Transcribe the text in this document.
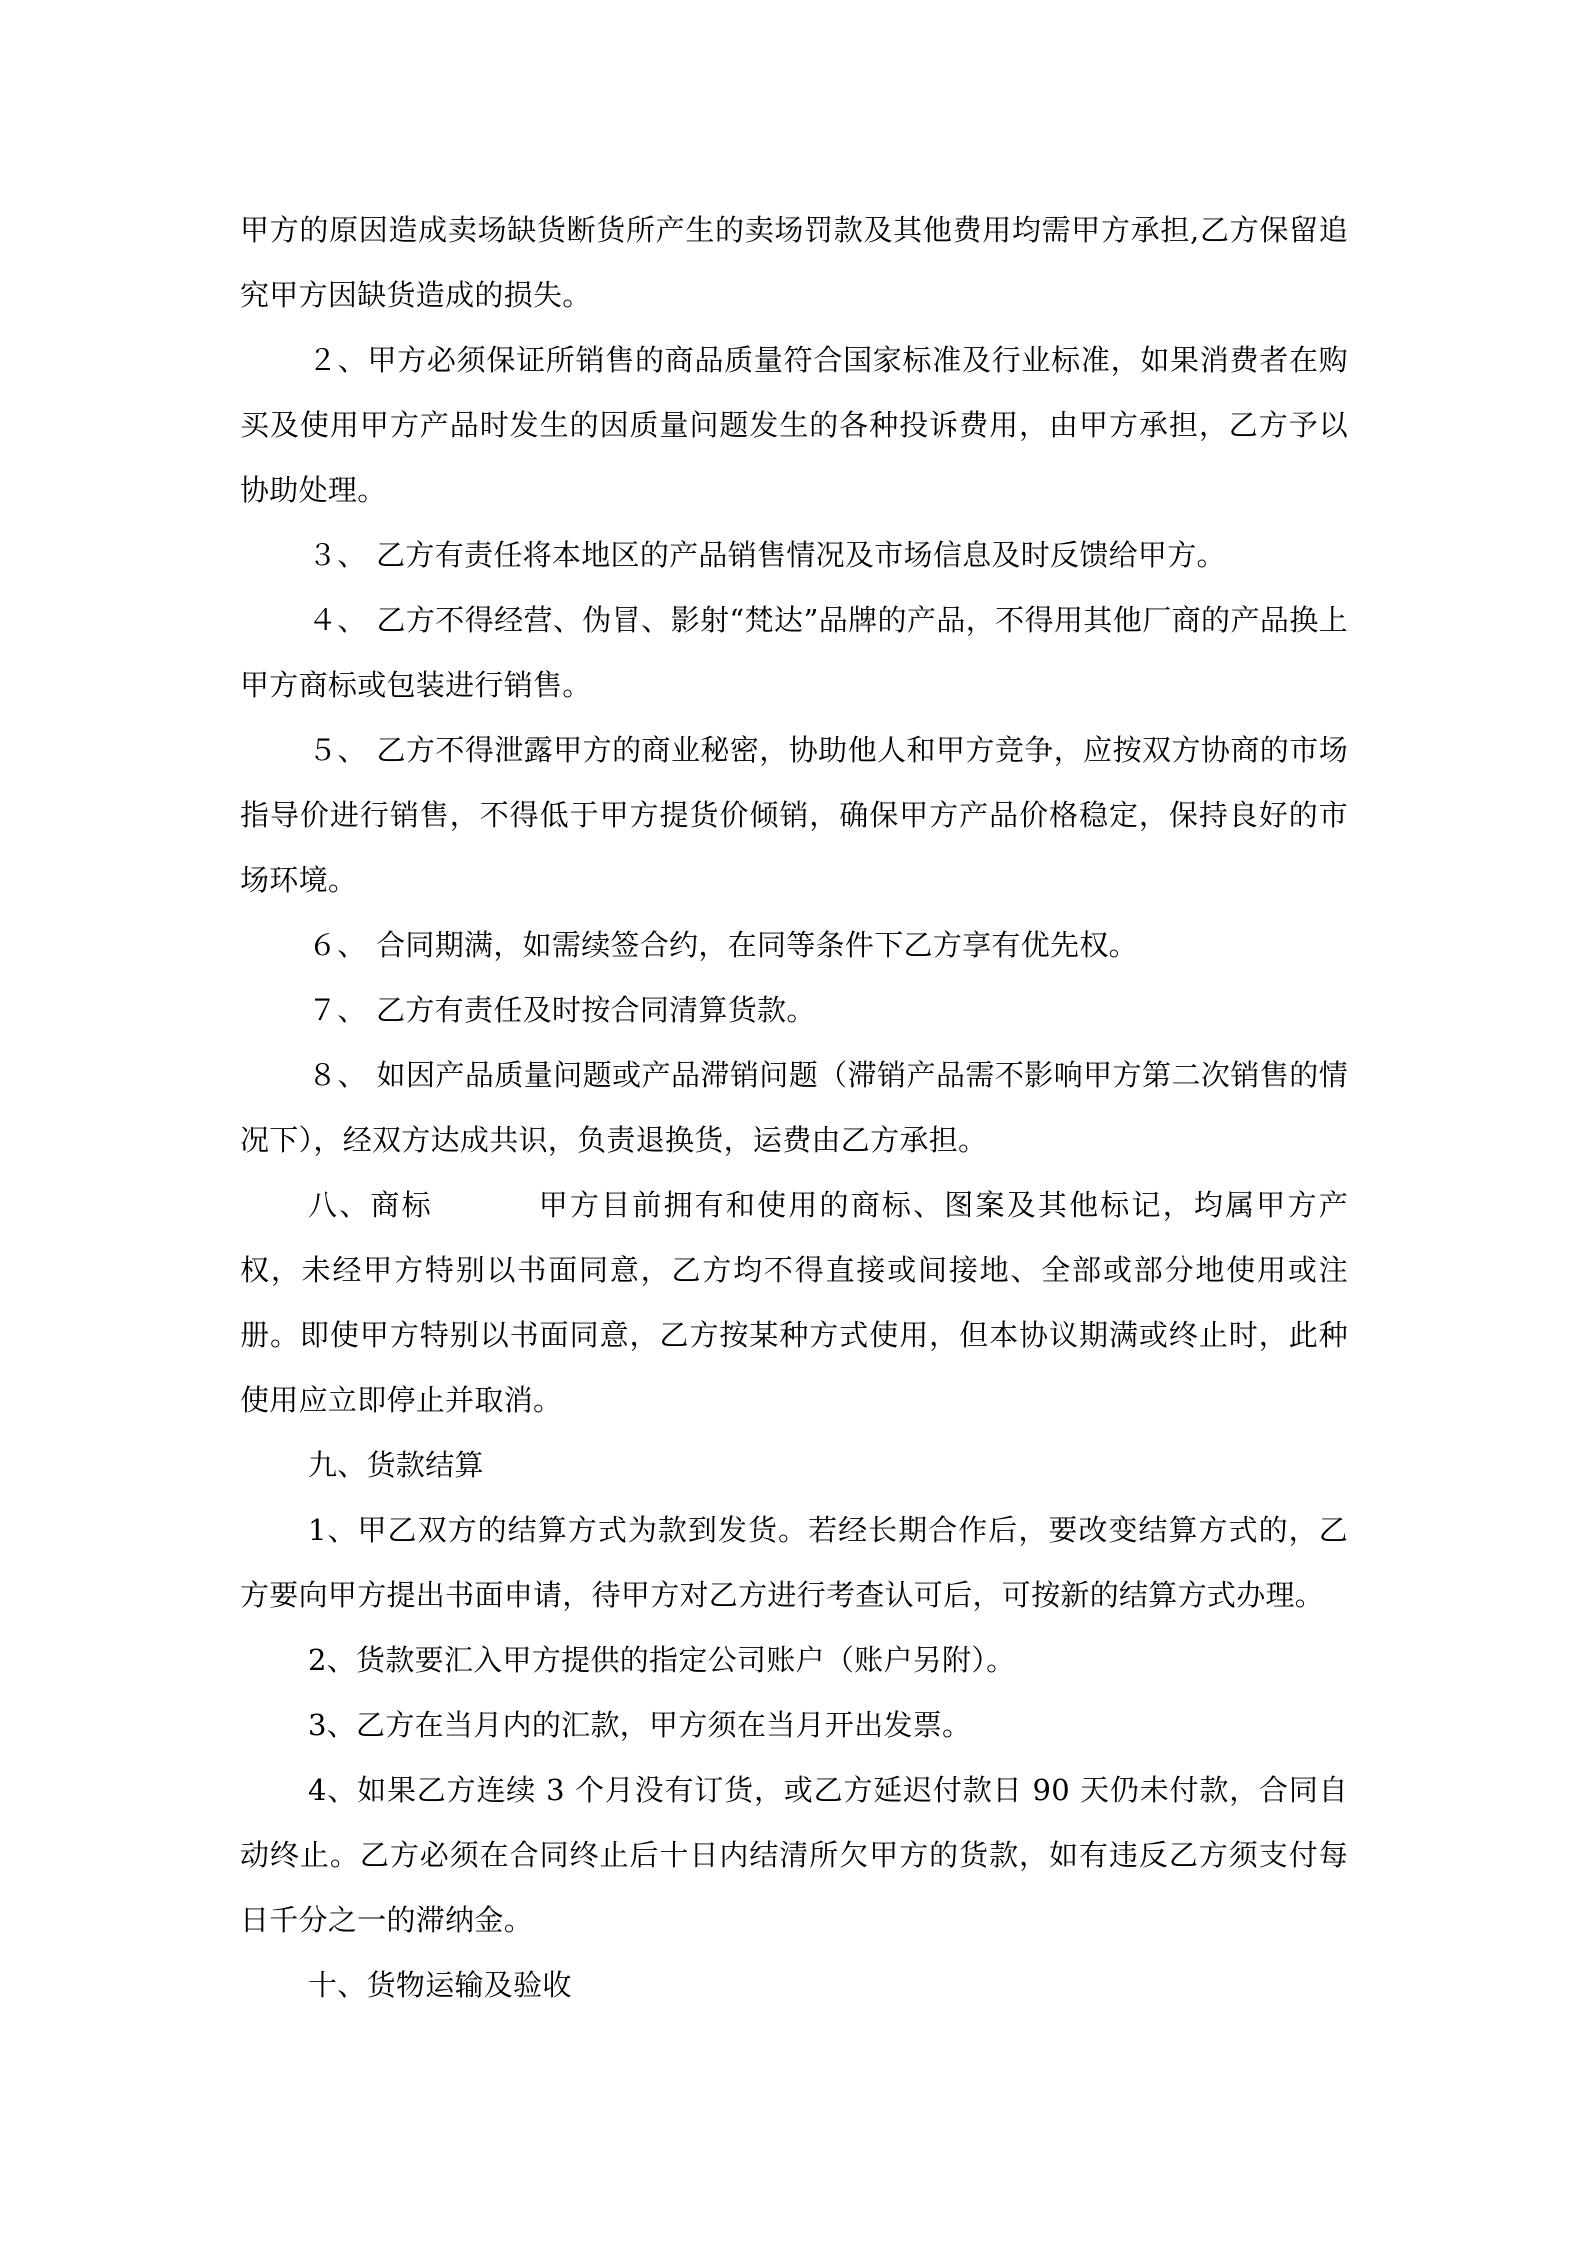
甲方的原因造成卖场缺货断货所产生的卖场罚款及其他费用均需甲方承担,乙方保留追究甲方因缺货造成的损失。

２、甲方必须保证所销售的商品质量符合国家标准及行业标准，如果消费者在购买及使用甲方产品时发生的因质量问题发生的各种投诉费用，由甲方承担，乙方予以协助处理。

３、 乙方有责任将本地区的产品销售情况及市场信息及时反馈给甲方。

４、 乙方不得经营、伪冒、影射“梵达”品牌的产品，不得用其他厂商的产品换上甲方商标或包装进行销售。

５、 乙方不得泄露甲方的商业秘密，协助他人和甲方竞争，应按双方协商的市场指导价进行销售，不得低于甲方提货价倾销，确保甲方产品价格稳定，保持良好的市场环境。

６、 合同期满，如需续签合约，在同等条件下乙方享有优先权。

７、 乙方有责任及时按合同清算货款。

８、 如因产品质量问题或产品滞销问题（滞销产品需不影响甲方第二次销售的情况下），经双方达成共识，负责退换货，运费由乙方承担。

八、商标	甲方目前拥有和使用的商标、图案及其他标记，均属甲方产权，未经甲方特别以书面同意，乙方均不得直接或间接地、全部或部分地使用或注册。即使甲方特别以书面同意，乙方按某种方式使用，但本协议期满或终止时，此种使用应立即停止并取消。

九、货款结算

1、甲乙双方的结算方式为款到发货。若经长期合作后，要改变结算方式的，乙方要向甲方提出书面申请，待甲方对乙方进行考查认可后，可按新的结算方式办理。

2、货款要汇入甲方提供的指定公司账户（账户另附）。

3、乙方在当月内的汇款，甲方须在当月开出发票。

4、如果乙方连续 3 个月没有订货，或乙方延迟付款日 90 天仍未付款，合同自动终止。乙方必须在合同终止后十日内结清所欠甲方的货款，如有违反乙方须支付每日千分之一的滞纳金。

十、货物运输及验收
